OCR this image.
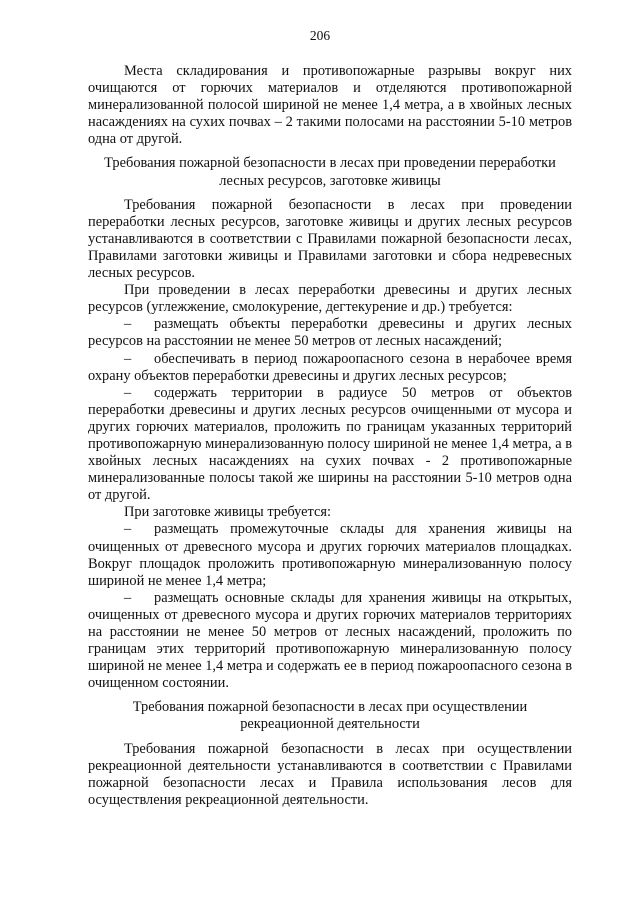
206

Места складирования и противопожарные разрывы вокруг них очищаются от горючих материалов и отделяются противопожарной минерализованной полосой шириной не менее 1,4 метра, а в хвойных лесных насаждениях на сухих почвах – 2 такими полосами на расстоянии 5-10 метров одна от другой.

Требования пожарной безопасности в лесах при проведении переработки лесных ресурсов, заготовке живицы

Требования пожарной безопасности в лесах при проведении переработки лесных ресурсов, заготовке живицы и других лесных ресурсов устанавливаются в соответствии с Правилами пожарной безопасности лесах, Правилами заготовки живицы и Правилами заготовки и сбора недревесных лесных ресурсов.

При проведении в лесах переработки древесины и других лесных ресурсов (углежжение, смолокурение, дегтекурение и др.) требуется:

– размещать объекты переработки древесины и других лесных ресурсов на расстоянии не менее 50 метров от лесных насаждений;

– обеспечивать в период пожароопасного сезона в нерабочее время охрану объектов переработки древесины и других лесных ресурсов;

– содержать территории в радиусе 50 метров от объектов переработки древесины и других лесных ресурсов очищенными от мусора и других горючих материалов, проложить по границам указанных территорий противопожарную минерализованную полосу шириной не менее 1,4 метра, а в хвойных лесных насаждениях на сухих почвах - 2 противопожарные минерализованные полосы такой же ширины на расстоянии 5-10 метров одна от другой.

При заготовке живицы требуется:

– размещать промежуточные склады для хранения живицы на очищенных от древесного мусора и других горючих материалов площадках. Вокруг площадок проложить противопожарную минерализованную полосу шириной не менее 1,4 метра;

– размещать основные склады для хранения живицы на открытых, очищенных от древесного мусора и других горючих материалов территориях на расстоянии не менее 50 метров от лесных насаждений, проложить по границам этих территорий противопожарную минерализованную полосу шириной не менее 1,4 метра и содержать ее в период пожароопасного сезона в очищенном состоянии.

Требования пожарной безопасности в лесах при осуществлении рекреационной деятельности

Требования пожарной безопасности в лесах при осуществлении рекреационной деятельности устанавливаются в соответствии с Правилами пожарной безопасности лесах и Правила использования лесов для осуществления рекреационной деятельности.
